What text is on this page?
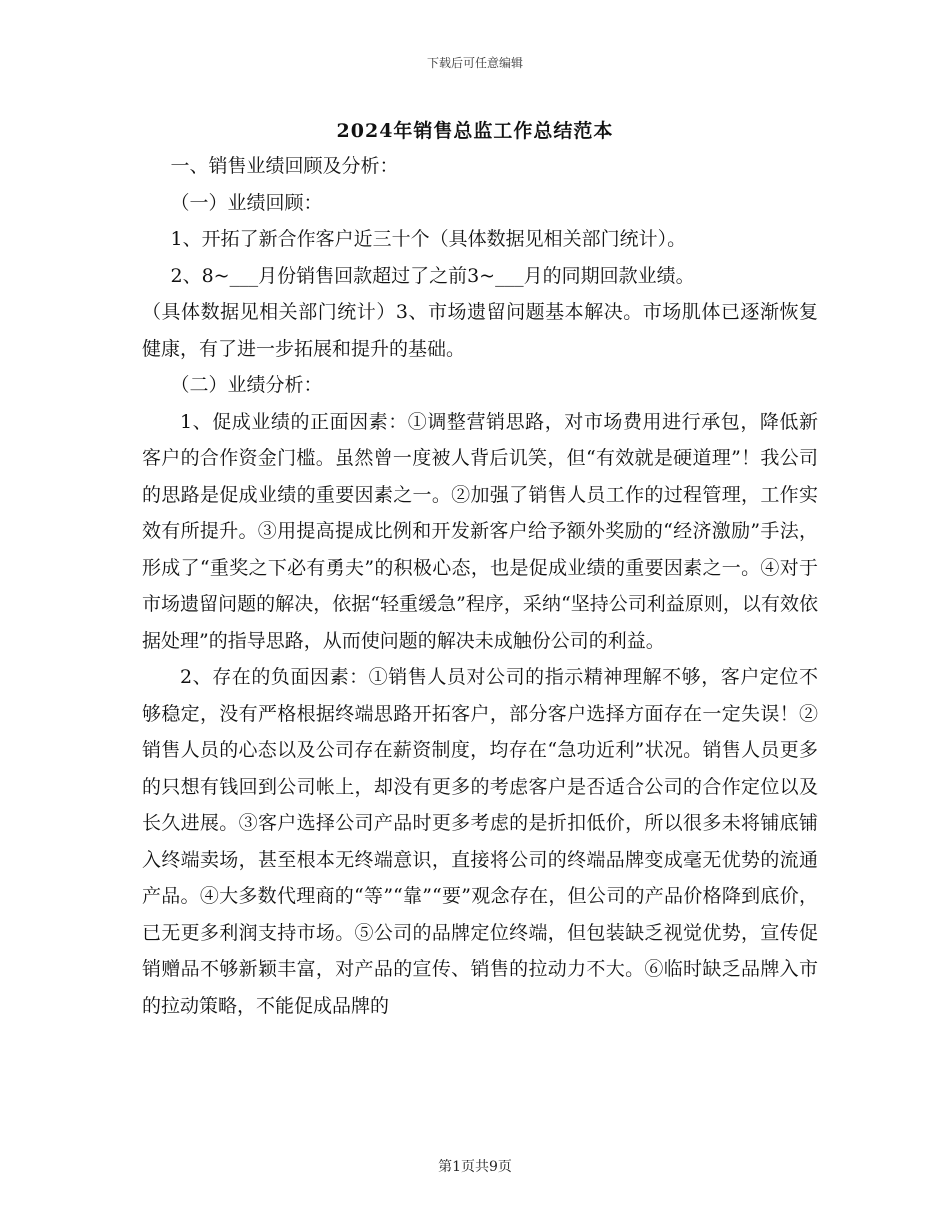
下载后可任意编辑
2024年销售总监工作总结范本

一、销售业绩回顾及分析：

（一）业绩回顾：

1、开拓了新合作客户近三十个（具体数据见相关部门统计）。

2、8~___月份销售回款超过了之前3~___月的同期回款业绩。

（具体数据见相关部门统计）3、市场遗留问题基本解决。市场肌体已逐渐恢复健康，有了进一步拓展和提升的基础。

（二）业绩分析：

1、促成业绩的正面因素：①调整营销思路，对市场费用进行承包，降低新客户的合作资金门槛。虽然曾一度被人背后讥笑，但“有效就是硬道理”！我公司的思路是促成业绩的重要因素之一。②加强了销售人员工作的过程管理，工作实效有所提升。③用提高提成比例和开发新客户给予额外奖励的“经济激励”手法，形成了“重奖之下必有勇夫”的积极心态，也是促成业绩的重要因素之一。④对于市场遗留问题的解决，依据“轻重缓急”程序，采纳“坚持公司利益原则，以有效依据处理”的指导思路，从而使问题的解决未成触份公司的利益。

2、存在的负面因素：①销售人员对公司的指示精神理解不够，客户定位不够稳定，没有严格根据终端思路开拓客户，部分客户选择方面存在一定失误！②销售人员的心态以及公司存在薪资制度，均存在“急功近利”状况。销售人员更多的只想有钱回到公司帐上，却没有更多的考虑客户是否适合公司的合作定位以及长久进展。③客户选择公司产品时更多考虑的是折扣低价，所以很多未将铺底铺入终端卖场，甚至根本无终端意识，直接将公司的终端品牌变成毫无优势的流通产品。④大多数代理商的“等”“靠”“要”观念存在，但公司的产品价格降到底价，已无更多利润支持市场。⑤公司的品牌定位终端，但包装缺乏视觉优势，宣传促销赠品不够新颖丰富，对产品的宣传、销售的拉动力不大。⑥临时缺乏品牌入市的拉动策略，不能促成品牌的

第1页共9页
